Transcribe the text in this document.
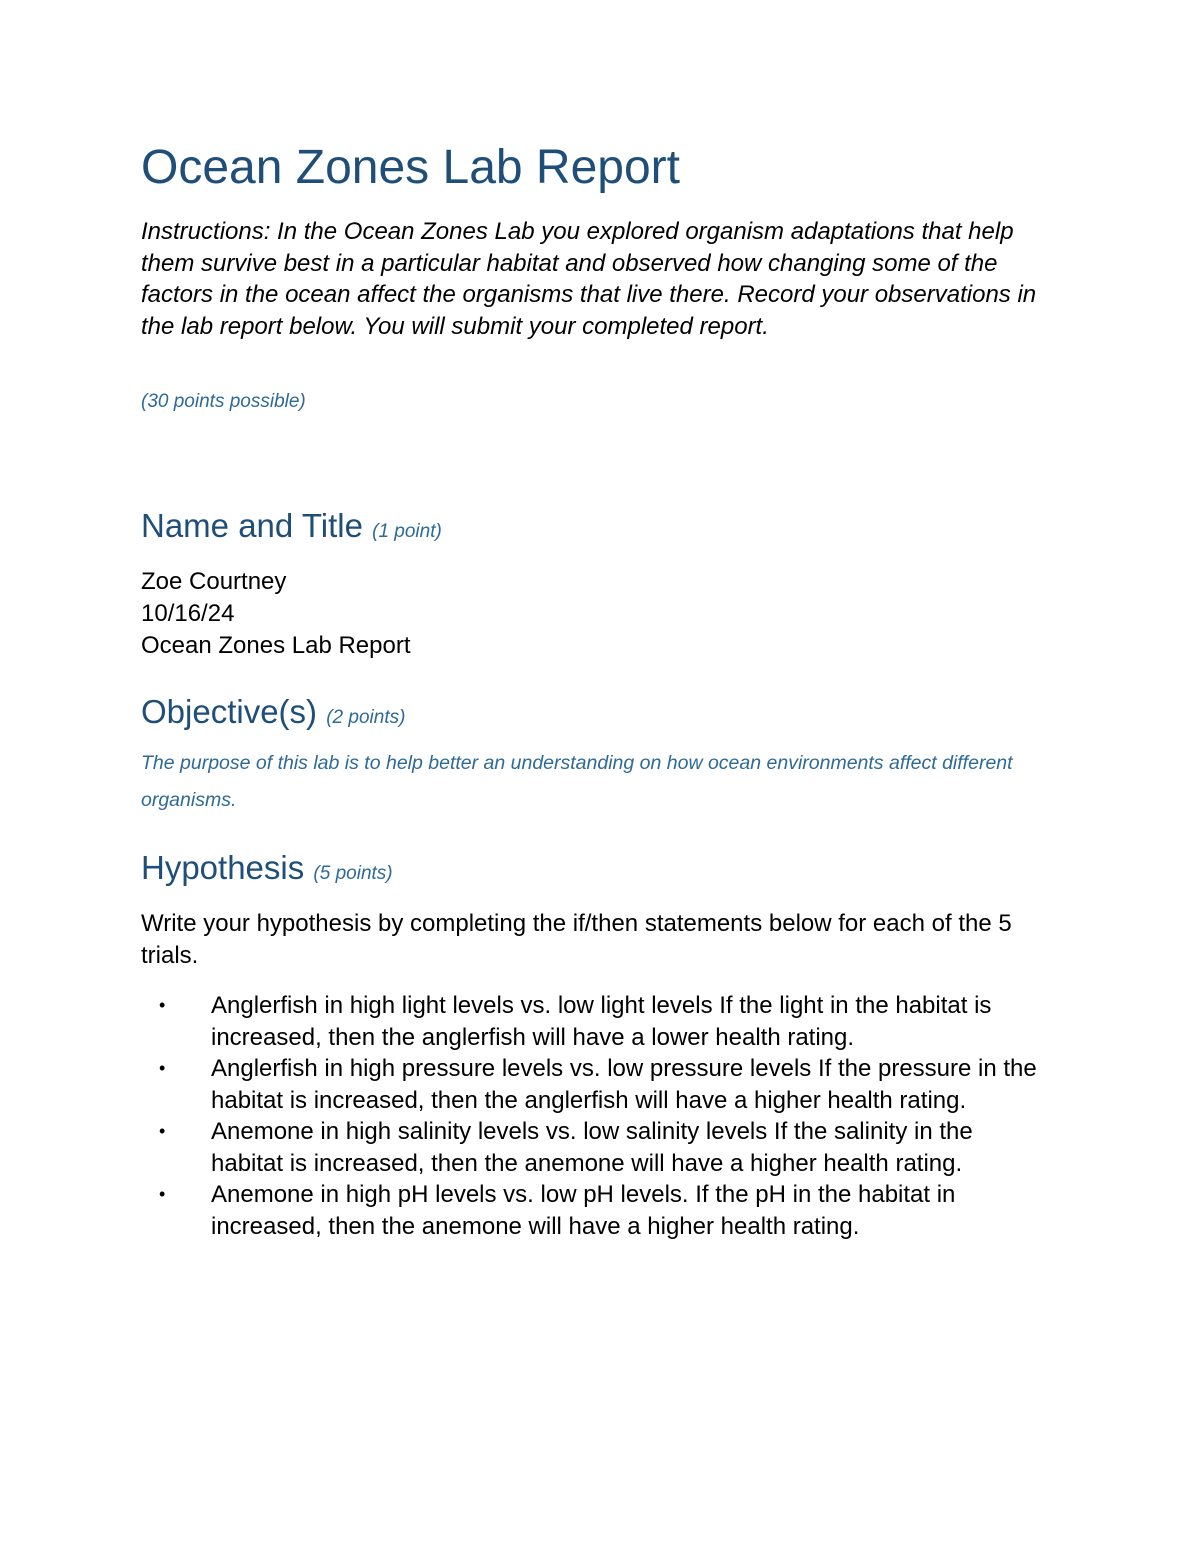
Ocean Zones Lab Report

Instructions: In the Ocean Zones Lab you explored organism adaptations that help them survive best in a particular habitat and observed how changing some of the factors in the ocean affect the organisms that live there. Record your observations in the lab report below. You will submit your completed report.

(30 points possible)

Name and Title (1 point)
Zoe Courtney
10/16/24
Ocean Zones Lab Report
Objective(s) (2 points)

The purpose of this lab is to help better an understanding on how ocean environments affect different organisms.

Hypothesis (5 points)

Write your hypothesis by completing the if/then statements below for each of the 5 trials.

• Anglerfish in high light levels vs. low light levels If the light in the habitat is increased, then the anglerfish will have a lower health rating.
• Anglerfish in high pressure levels vs. low pressure levels If the pressure in the habitat is increased, then the anglerfish will have a higher health rating.
• Anemone in high salinity levels vs. low salinity levels If the salinity in the habitat is increased, then the anemone will have a higher health rating.
• Anemone in high pH levels vs. low pH levels. If the pH in the habitat in increased, then the anemone will have a higher health rating.
